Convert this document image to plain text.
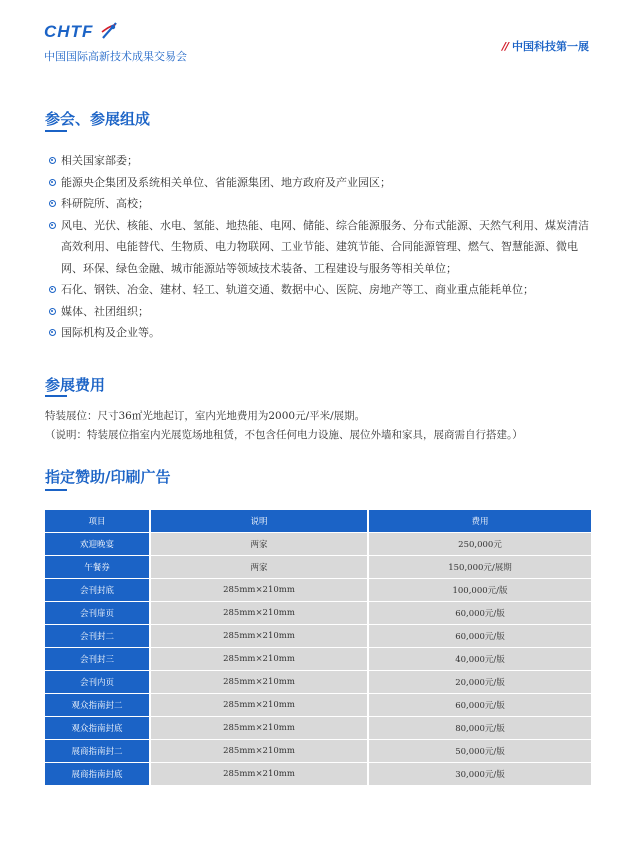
CHTF
中国国际高新技术成果交易会
// 中国科技第一展
参会、参展组成
相关国家部委；
能源央企集团及系统相关单位、省能源集团、地方政府及产业园区；
科研院所、高校；
风电、光伏、核能、水电、氢能、地热能、电网、储能、综合能源服务、分布式能源、天然气利用、煤炭清洁高效利用、电能替代、生物质、电力物联网、工业节能、建筑节能、合同能源管理、燃气、智慧能源、微电网、环保、绿色金融、城市能源站等领域技术装备、工程建设与服务等相关单位；
石化、钢铁、冶金、建材、轻工、轨道交通、数据中心、医院、房地产等工、商业重点能耗单位；
媒体、社团组织；
国际机构及企业等。
参展费用
特装展位：尺寸36㎡光地起订，室内光地费用为2000元/平米/展期。
（说明：特装展位指室内光展览场地租赁，不包含任何电力设施、展位外墙和家具，展商需自行搭建。）
指定赞助/印刷广告
项目	说明	费用
欢迎晚宴	两家	250,000元
午餐券	两家	150,000元/展期
会刊封底	285mm×210mm	100,000元/版
会刊扉页	285mm×210mm	60,000元/版
会刊封二	285mm×210mm	60,000元/版
会刊封三	285mm×210mm	40,000元/版
会刊内页	285mm×210mm	20,000元/版
观众指南封二	285mm×210mm	60,000元/版
观众指南封底	285mm×210mm	80,000元/版
展商指南封二	285mm×210mm	50,000元/版
展商指南封底	285mm×210mm	30,000元/版
